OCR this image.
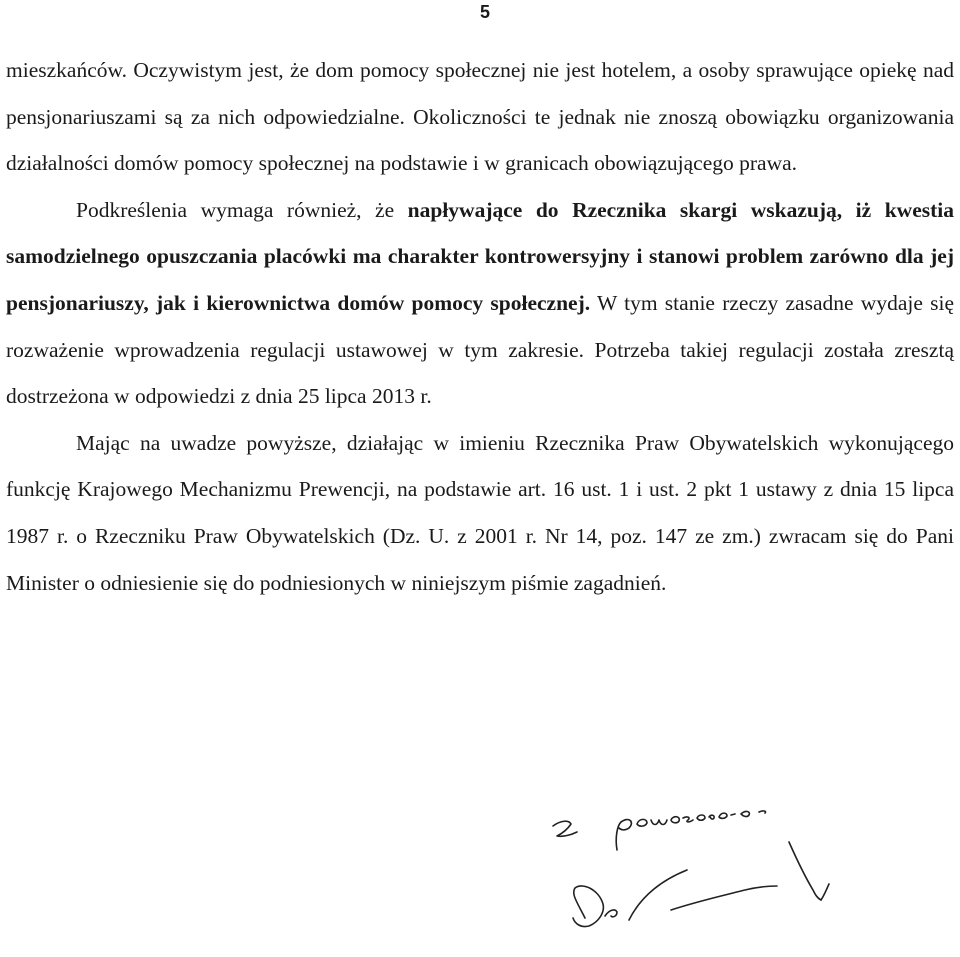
5

mieszkańców. Oczywistym jest, że dom pomocy społecznej nie jest hotelem, a osoby sprawujące opiekę nad pensjonariuszami są za nich odpowiedzialne. Okoliczności te jednak nie znoszą obowiązku organizowania działalności domów pomocy społecznej na podstawie i w granicach obowiązującego prawa.

Podkreślenia wymaga również, że napływające do Rzecznika skargi wskazują, iż kwestia samodzielnego opuszczania placówki ma charakter kontrowersyjny i stanowi problem zarówno dla jej pensjonariuszy, jak i kierownictwa domów pomocy społecznej. W tym stanie rzeczy zasadne wydaje się rozważenie wprowadzenia regulacji ustawowej w tym zakresie. Potrzeba takiej regulacji została zresztą dostrzeżona w odpowiedzi z dnia 25 lipca 2013 r.

Mając na uwadze powyższe, działając w imieniu Rzecznika Praw Obywatelskich wykonującego funkcję Krajowego Mechanizmu Prewencji, na podstawie art. 16 ust. 1 i ust. 2 pkt 1 ustawy z dnia 15 lipca 1987 r. o Rzeczniku Praw Obywatelskich (Dz. U. z 2001 r. Nr 14, poz. 147 ze zm.) zwracam się do Pani Minister o odniesienie się do podniesionych w niniejszym piśmie zagadnień.
